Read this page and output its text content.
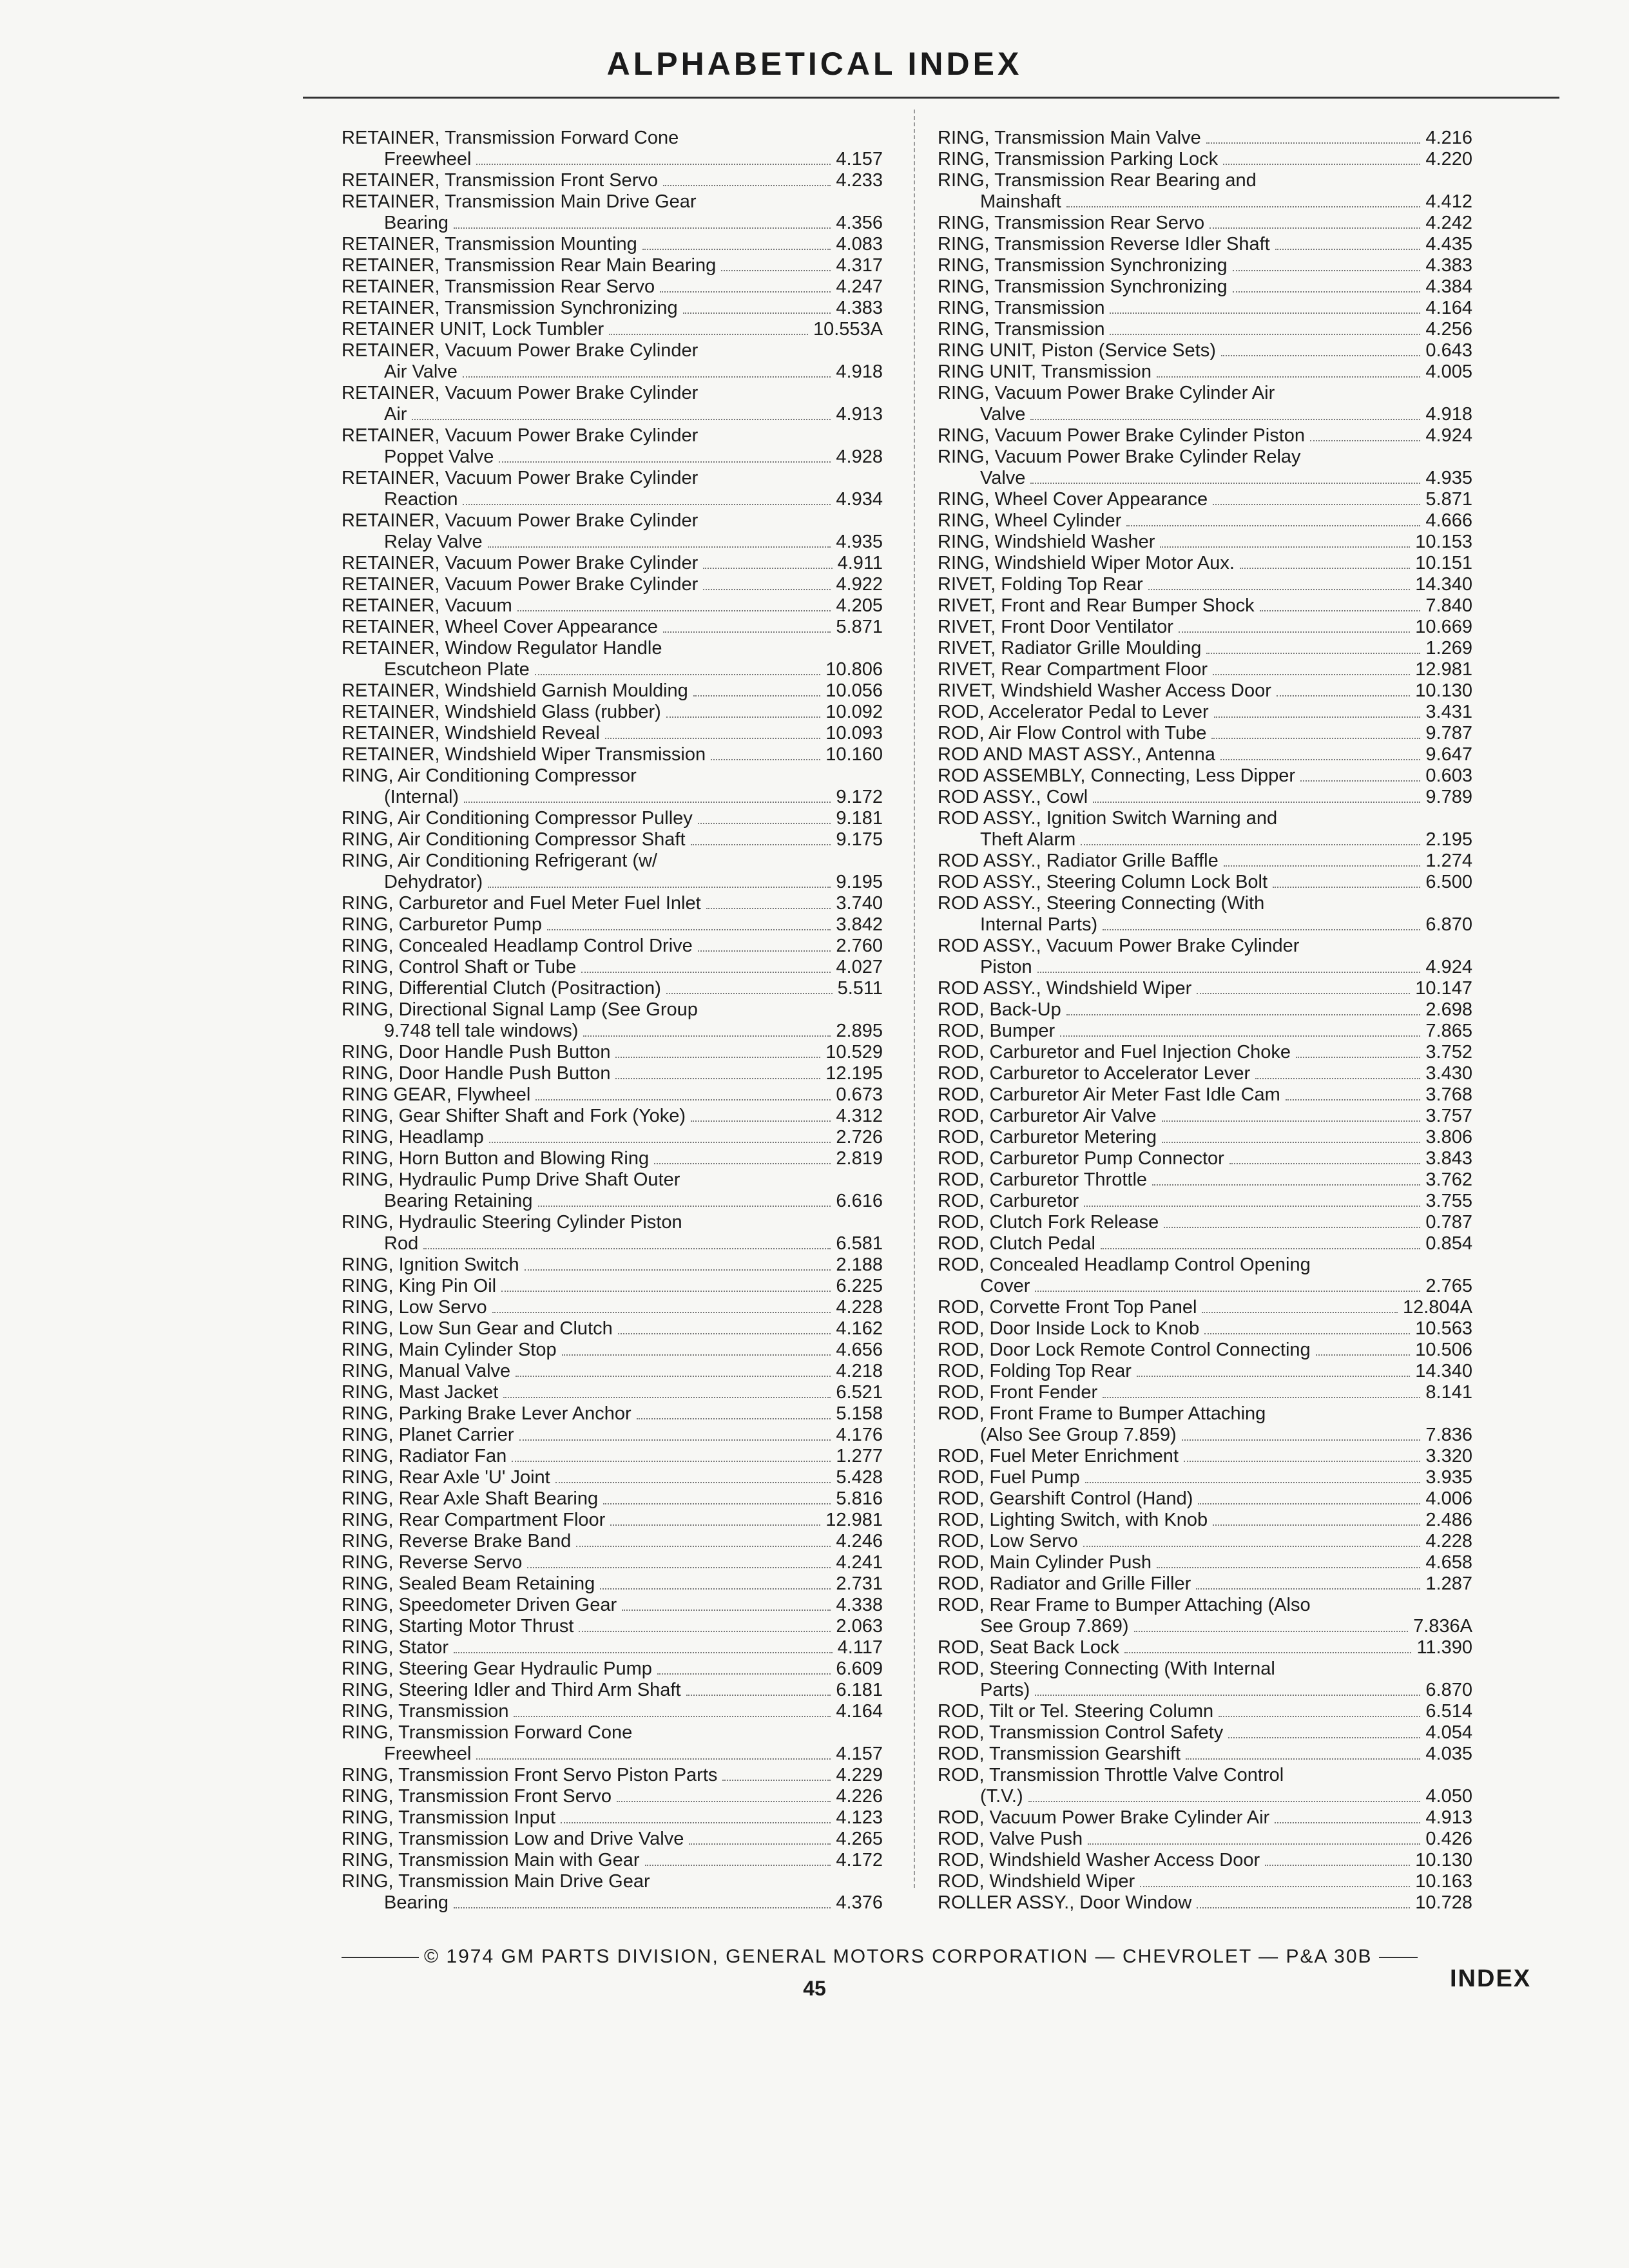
ALPHABETICAL INDEX
RETAINER, Transmission Forward Cone
Freewheel	4.157
RETAINER, Transmission Front Servo	4.233
RETAINER, Transmission Main Drive Gear
Bearing	4.356
RETAINER, Transmission Mounting	4.083
RETAINER, Transmission Rear Main Bearing	4.317
RETAINER, Transmission Rear Servo	4.247
RETAINER, Transmission Synchronizing	4.383
RETAINER UNIT, Lock Tumbler	10.553A
RETAINER, Vacuum Power Brake Cylinder
Air Valve	4.918
RETAINER, Vacuum Power Brake Cylinder
Air	4.913
RETAINER, Vacuum Power Brake Cylinder
Poppet Valve	4.928
RETAINER, Vacuum Power Brake Cylinder
Reaction	4.934
RETAINER, Vacuum Power Brake Cylinder
Relay Valve	4.935
RETAINER, Vacuum Power Brake Cylinder	4.911
RETAINER, Vacuum Power Brake Cylinder	4.922
RETAINER, Vacuum	4.205
RETAINER, Wheel Cover Appearance	5.871
RETAINER, Window Regulator Handle
Escutcheon Plate	10.806
RETAINER, Windshield Garnish Moulding	10.056
RETAINER, Windshield Glass (rubber)	10.092
RETAINER, Windshield Reveal	10.093
RETAINER, Windshield Wiper Transmission	10.160
RING, Air Conditioning Compressor
(Internal)	9.172
RING, Air Conditioning Compressor Pulley	9.181
RING, Air Conditioning Compressor Shaft	9.175
RING, Air Conditioning Refrigerant (w/
Dehydrator)	9.195
RING, Carburetor and Fuel Meter Fuel Inlet	3.740
RING, Carburetor Pump	3.842
RING, Concealed Headlamp Control Drive	2.760
RING, Control Shaft or Tube	4.027
RING, Differential Clutch (Positraction)	5.511
RING, Directional Signal Lamp (See Group
9.748 tell tale windows)	2.895
RING, Door Handle Push Button	10.529
RING, Door Handle Push Button	12.195
RING GEAR, Flywheel	0.673
RING, Gear Shifter Shaft and Fork (Yoke)	4.312
RING, Headlamp	2.726
RING, Horn Button and Blowing Ring	2.819
RING, Hydraulic Pump Drive Shaft Outer
Bearing Retaining	6.616
RING, Hydraulic Steering Cylinder Piston
Rod	6.581
RING, Ignition Switch	2.188
RING, King Pin Oil	6.225
RING, Low Servo	4.228
RING, Low Sun Gear and Clutch	4.162
RING, Main Cylinder Stop	4.656
RING, Manual Valve	4.218
RING, Mast Jacket	6.521
RING, Parking Brake Lever Anchor	5.158
RING, Planet Carrier	4.176
RING, Radiator Fan	1.277
RING, Rear Axle 'U' Joint	5.428
RING, Rear Axle Shaft Bearing	5.816
RING, Rear Compartment Floor	12.981
RING, Reverse Brake Band	4.246
RING, Reverse Servo	4.241
RING, Sealed Beam Retaining	2.731
RING, Speedometer Driven Gear	4.338
RING, Starting Motor Thrust	2.063
RING, Stator	4.117
RING, Steering Gear Hydraulic Pump	6.609
RING, Steering Idler and Third Arm Shaft	6.181
RING, Transmission	4.164
RING, Transmission Forward Cone
Freewheel	4.157
RING, Transmission Front Servo Piston Parts	4.229
RING, Transmission Front Servo	4.226
RING, Transmission Input	4.123
RING, Transmission Low and Drive Valve	4.265
RING, Transmission Main with Gear	4.172
RING, Transmission Main Drive Gear
Bearing	4.376
RING, Transmission Main Valve	4.216
RING, Transmission Parking Lock	4.220
RING, Transmission Rear Bearing and
Mainshaft	4.412
RING, Transmission Rear Servo	4.242
RING, Transmission Reverse Idler Shaft	4.435
RING, Transmission Synchronizing	4.383
RING, Transmission Synchronizing	4.384
RING, Transmission	4.164
RING, Transmission	4.256
RING UNIT, Piston (Service Sets)	0.643
RING UNIT, Transmission	4.005
RING, Vacuum Power Brake Cylinder Air
Valve	4.918
RING, Vacuum Power Brake Cylinder Piston	4.924
RING, Vacuum Power Brake Cylinder Relay
Valve	4.935
RING, Wheel Cover Appearance	5.871
RING, Wheel Cylinder	4.666
RING, Windshield Washer	10.153
RING, Windshield Wiper Motor Aux.	10.151
RIVET, Folding Top Rear	14.340
RIVET, Front and Rear Bumper Shock	7.840
RIVET, Front Door Ventilator	10.669
RIVET, Radiator Grille Moulding	1.269
RIVET, Rear Compartment Floor	12.981
RIVET, Windshield Washer Access Door	10.130
ROD, Accelerator Pedal to Lever	3.431
ROD, Air Flow Control with Tube	9.787
ROD AND MAST ASSY., Antenna	9.647
ROD ASSEMBLY, Connecting, Less Dipper	0.603
ROD ASSY., Cowl	9.789
ROD ASSY., Ignition Switch Warning and
Theft Alarm	2.195
ROD ASSY., Radiator Grille Baffle	1.274
ROD ASSY., Steering Column Lock Bolt	6.500
ROD ASSY., Steering Connecting (With
Internal Parts)	6.870
ROD ASSY., Vacuum Power Brake Cylinder
Piston	4.924
ROD ASSY., Windshield Wiper	10.147
ROD, Back-Up	2.698
ROD, Bumper	7.865
ROD, Carburetor and Fuel Injection Choke	3.752
ROD, Carburetor to Accelerator Lever	3.430
ROD, Carburetor Air Meter Fast Idle Cam	3.768
ROD, Carburetor Air Valve	3.757
ROD, Carburetor Metering	3.806
ROD, Carburetor Pump Connector	3.843
ROD, Carburetor Throttle	3.762
ROD, Carburetor	3.755
ROD, Clutch Fork Release	0.787
ROD, Clutch Pedal	0.854
ROD, Concealed Headlamp Control Opening
Cover	2.765
ROD, Corvette Front Top Panel	12.804A
ROD, Door Inside Lock to Knob	10.563
ROD, Door Lock Remote Control Connecting	10.506
ROD, Folding Top Rear	14.340
ROD, Front Fender	8.141
ROD, Front Frame to Bumper Attaching
(Also See Group 7.859)	7.836
ROD, Fuel Meter Enrichment	3.320
ROD, Fuel Pump	3.935
ROD, Gearshift Control (Hand)	4.006
ROD, Lighting Switch, with Knob	2.486
ROD, Low Servo	4.228
ROD, Main Cylinder Push	4.658
ROD, Radiator and Grille Filler	1.287
ROD, Rear Frame to Bumper Attaching (Also
See Group 7.869)	7.836A
ROD, Seat Back Lock	11.390
ROD, Steering Connecting (With Internal
Parts)	6.870
ROD, Tilt or Tel. Steering Column	6.514
ROD, Transmission Control Safety	4.054
ROD, Transmission Gearshift	4.035
ROD, Transmission Throttle Valve Control
(T.V.)	4.050
ROD, Vacuum Power Brake Cylinder Air	4.913
ROD, Valve Push	0.426
ROD, Windshield Washer Access Door	10.130
ROD, Windshield Wiper	10.163
ROLLER ASSY., Door Window	10.728
© 1974 GM PARTS DIVISION, GENERAL MOTORS CORPORATION — CHEVROLET — P&A 30B
45	INDEX
